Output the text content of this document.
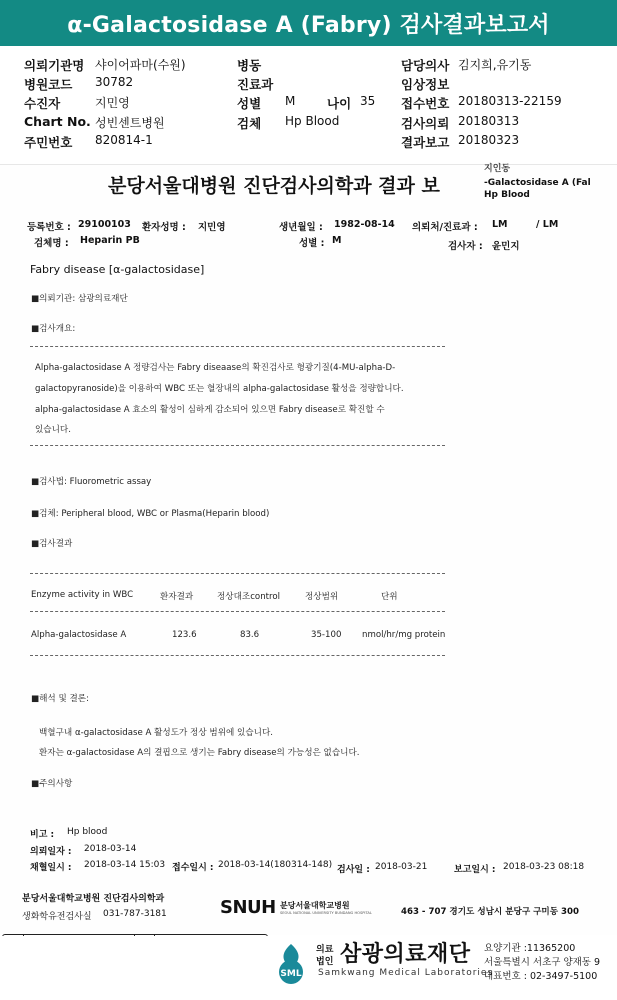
α-Galactosidase A (Fabry) 검사결과보고서
의뢰기관명 샤이어파마(수원)
병원코드 30782
수진자	지민영
Chart No. 성빈센트병원
주민번호 820814-1
병동
진료과
성별 M	나이 35
검체 Hp Blood
담당의사 김지희,유기동
임상정보
접수번호 20180313-22159
검사의뢰 20180313
결과보고 20180323
분당서울대병원 진단검사의학과 결과 보
지인동
-Galactosidase A (Fal
Hp Blood
등록번호 : 29100103 환자성명 : 지민영	생년월일 : 1982-08-14 의뢰처/진료과 : LM	/ LM
검체명 : Heparin PB	성별 : M
검사자 : 윤민지
Fabry disease [α-galactosidase]
■의뢰기관: 삼광의료재단
■검사개요:
Alpha-galactosidase A 정량검사는 Fabry diseaase의 확진검사로 형광기질(4-MU-alpha-D-
galactopyranoside)을 이용하여 WBC 또는 혈장내의 alpha-galactosidase 활성을 정량합니다.
alpha-galactosidase A 효소의 활성이 심하게 감소되어 있으면 Fabry disease로 확진할 수
있습니다.
■검사법: Fluorometric assay
■검체: Peripheral blood, WBC or Plasma(Heparin blood)
■검사결과
Enzyme activity in WBC	환자결과	정상대조control	정상범위	단위
Alpha-galactosidase A	123.6	83.6	35-100 nmol/hr/mg protein
■해석 및 결론:
백혈구내 α-galactosidase A 활성도가 정상 범위에 있습니다.
환자는 α-galactosidase A의 결핍으로 생기는 Fabry disease의 가능성은 없습니다.
■주의사항
비고 : Hp blood
의뢰일자 : 2018-03-14
채혈일시 : 2018-03-14 15:03 접수일시 : 2018-03-14(180314-148) 검사일 : 2018-03-21	보고일시 : 2018-03-23 08:18
분당서울대학교병원 진단검사의학과
생화학유전검사실 031-787-3181	SNUH 분당서울대학교병원
SEOUL NATIONAL UNIVERSITY BUNDANG HOSPITAL	463 - 707 경기도 성남시 분당구 구미동 300
SML
의료
법인 삼광의료재단
Samkwang Medical Laboratories
요양기관 :11365200
서울특별시 서초구 양재동 9
대표번호 : 02-3497-5100
